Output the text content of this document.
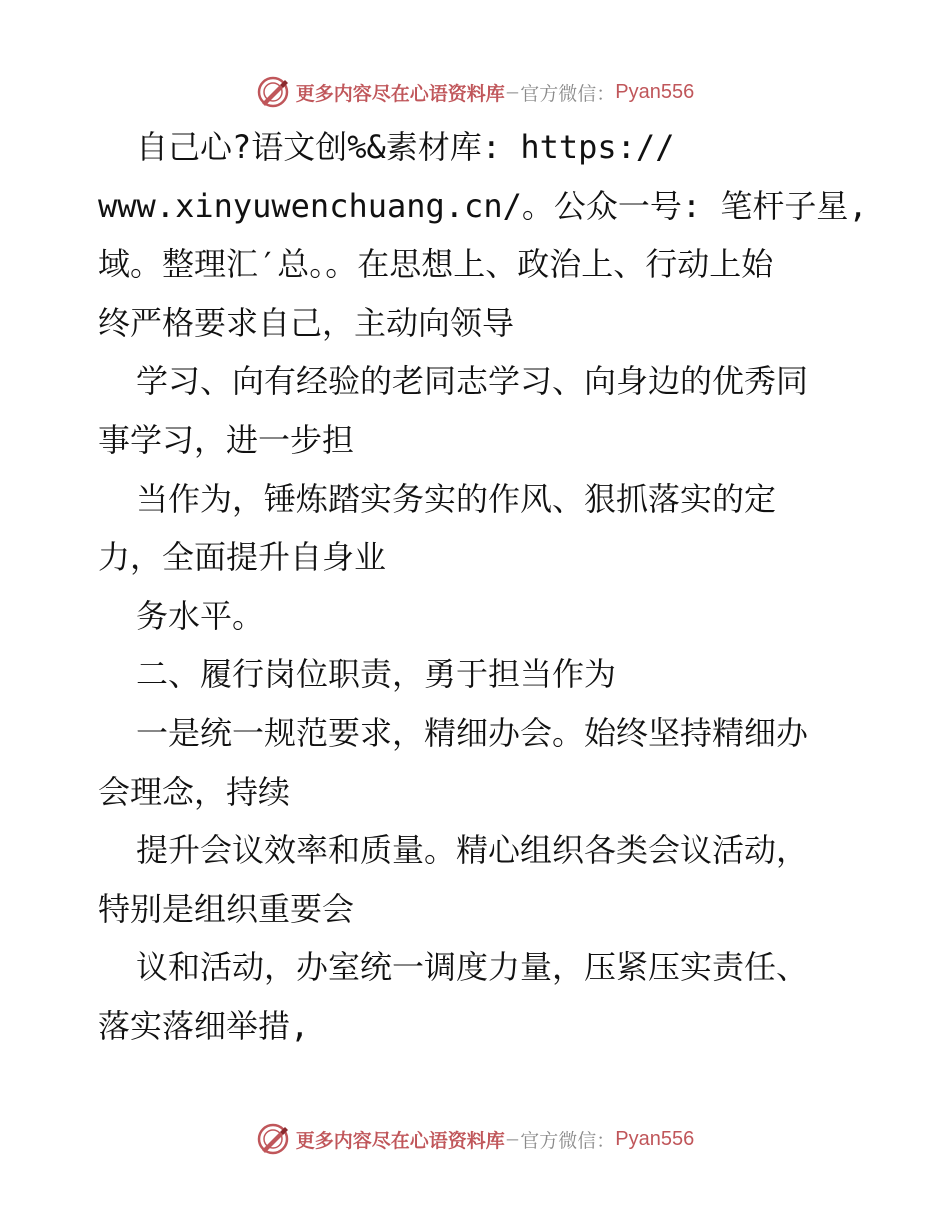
更多内容尽在心语资料库 — 官方微信： Pyan556
自己心?语文创%&素材库: https://
www.xinyuwenchuang.cn/。公众一号: 笔杆子星,
域。整理汇′总。。在思想上、政治上、行动上始
终严格要求自己，主动向领导
学习、向有经验的老同志学习、向身边的优秀同
事学习，进一步担
当作为，锤炼踏实务实的作风、狠抓落实的定
力，全面提升自身业
务水平。
二、履行岗位职责，勇于担当作为
一是统一规范要求，精细办会。始终坚持精细办
会理念，持续
提升会议效率和质量。精心组织各类会议活动，
特别是组织重要会
议和活动，办室统一调度力量，压紧压实责任、
落实落细举措,
更多内容尽在心语资料库 — 官方微信： Pyan556
